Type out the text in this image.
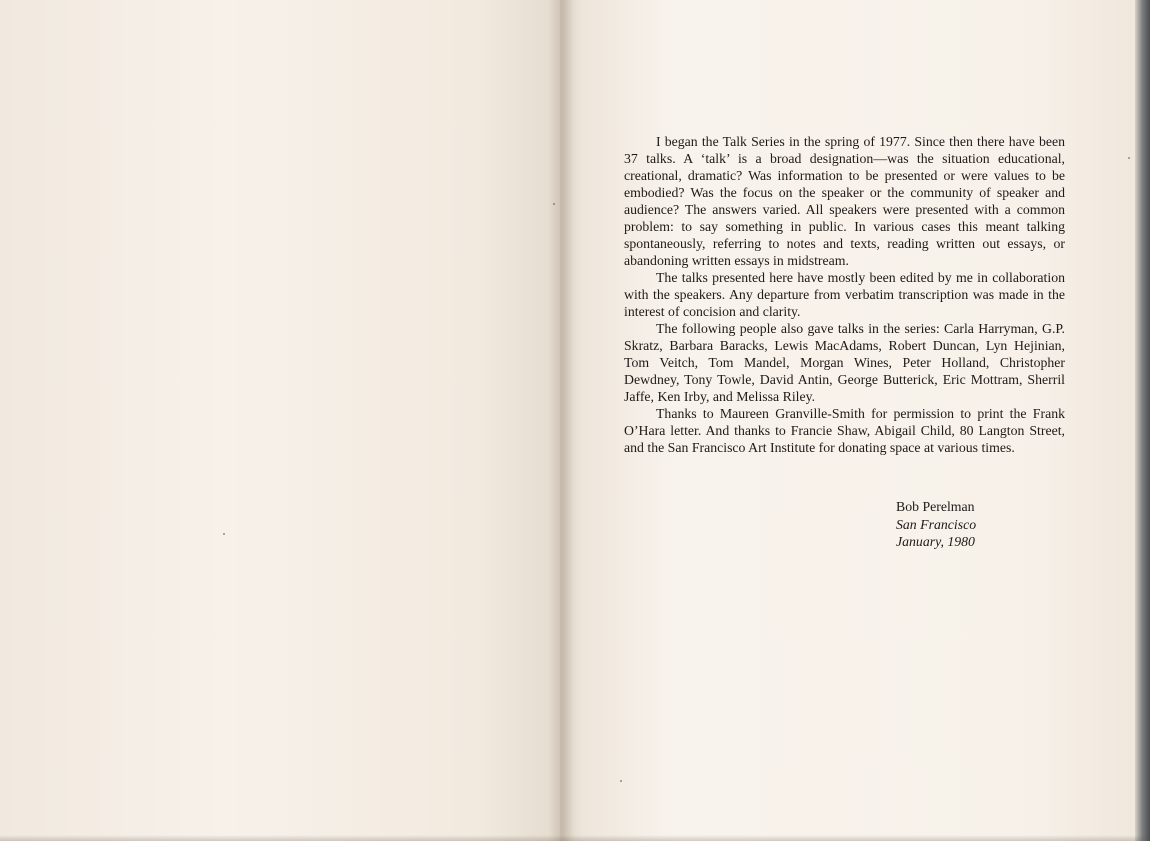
I began the Talk Series in the spring of 1977. Since then there have been 37 talks. A ‘talk’ is a broad designation—was the situation educational, creational, dramatic? Was information to be presented or were values to be embodied? Was the focus on the speaker or the community of speaker and audience? The answers varied. All speakers were presented with a common problem: to say something in public. In various cases this meant talking spontaneously, referring to notes and texts, reading written out essays, or abandoning written essays in midstream.

The talks presented here have mostly been edited by me in collaboration with the speakers. Any departure from verbatim transcription was made in the interest of concision and clarity.

The following people also gave talks in the series: Carla Harryman, G.P. Skratz, Barbara Baracks, Lewis MacAdams, Robert Duncan, Lyn Hejinian, Tom Veitch, Tom Mandel, Morgan Wines, Peter Holland, Christopher Dewdney, Tony Towle, David Antin, George Butterick, Eric Mottram, Sherril Jaffe, Ken Irby, and Melissa Riley.

Thanks to Maureen Granville-Smith for permission to print the Frank O’Hara letter. And thanks to Francie Shaw, Abigail Child, 80 Langton Street, and the San Francisco Art Institute for donating space at various times.

Bob Perelman
San Francisco
January, 1980
